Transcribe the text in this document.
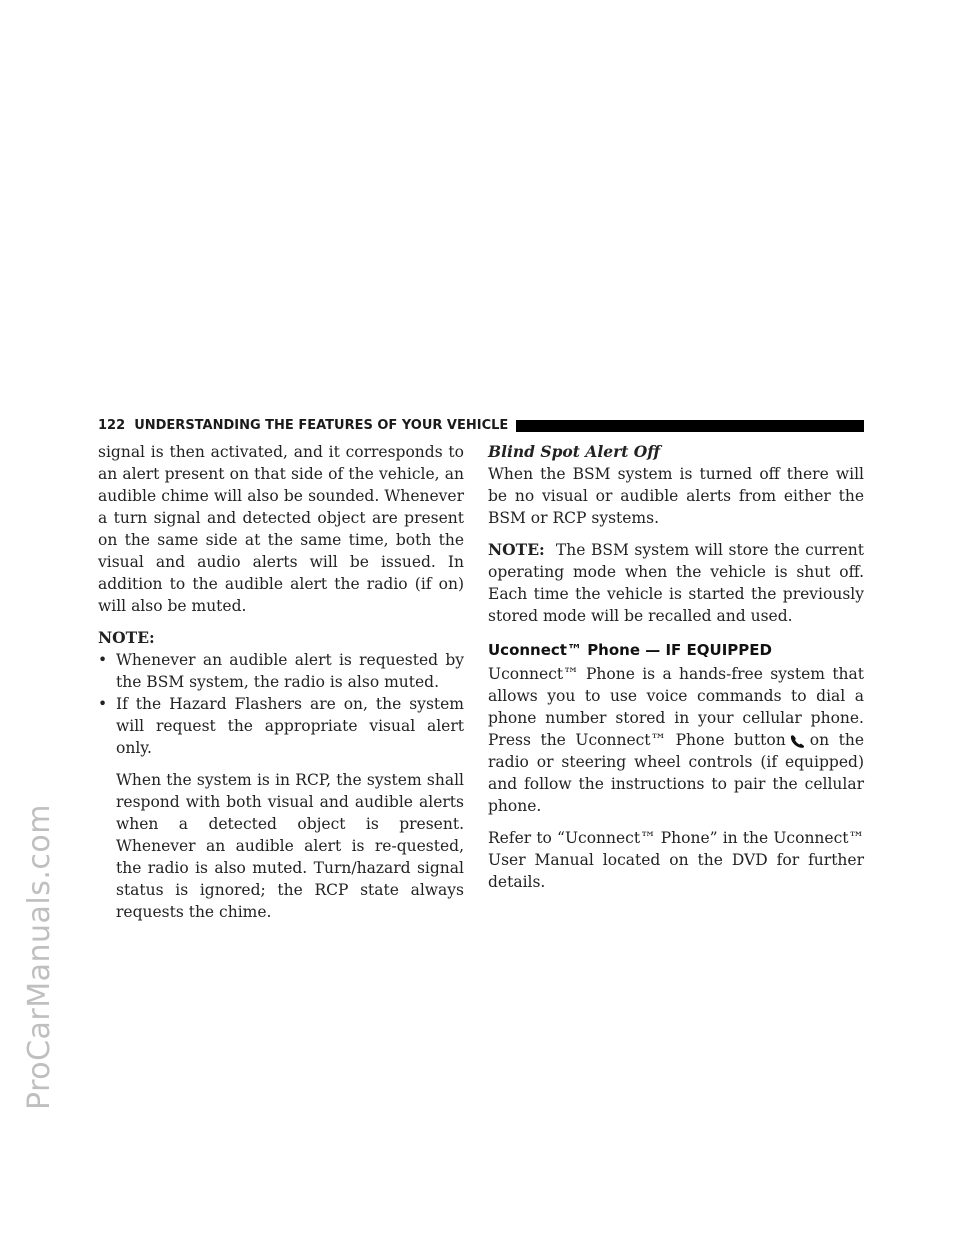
ProCarManuals.com
122 UNDERSTANDING THE FEATURES OF YOUR VEHICLE

signal is then activated, and it corresponds to an alert present on that side of the vehicle, an audible chime will also be sounded. Whenever a turn signal and detected object are present on the same side at the same time, both the visual and audio alerts will be issued. In addition to the audible alert the radio (if on) will also be muted.

NOTE:

• Whenever an audible alert is requested by the BSM system, the radio is also muted.

• If the Hazard Flashers are on, the system will request the appropriate visual alert only.

When the system is in RCP, the system shall respond with both visual and audible alerts when a detected object is present. Whenever an audible alert is re-quested, the radio is also muted. Turn/hazard signal status is ignored; the RCP state always requests the chime.

Blind Spot Alert Off

When the BSM system is turned off there will be no visual or audible alerts from either the BSM or RCP systems.

NOTE: The BSM system will store the current operating mode when the vehicle is shut off. Each time the vehicle is started the previously stored mode will be recalled and used.

Uconnect™ Phone — IF EQUIPPED

Uconnect™ Phone is a hands-free system that allows you to use voice commands to dial a phone number stored in your cellular phone. Press the Uconnect™ Phone button on the radio or steering wheel controls (if equipped) and follow the instructions to pair the cellular phone.

Refer to “Uconnect™ Phone” in the Uconnect™ User Manual located on the DVD for further details.
